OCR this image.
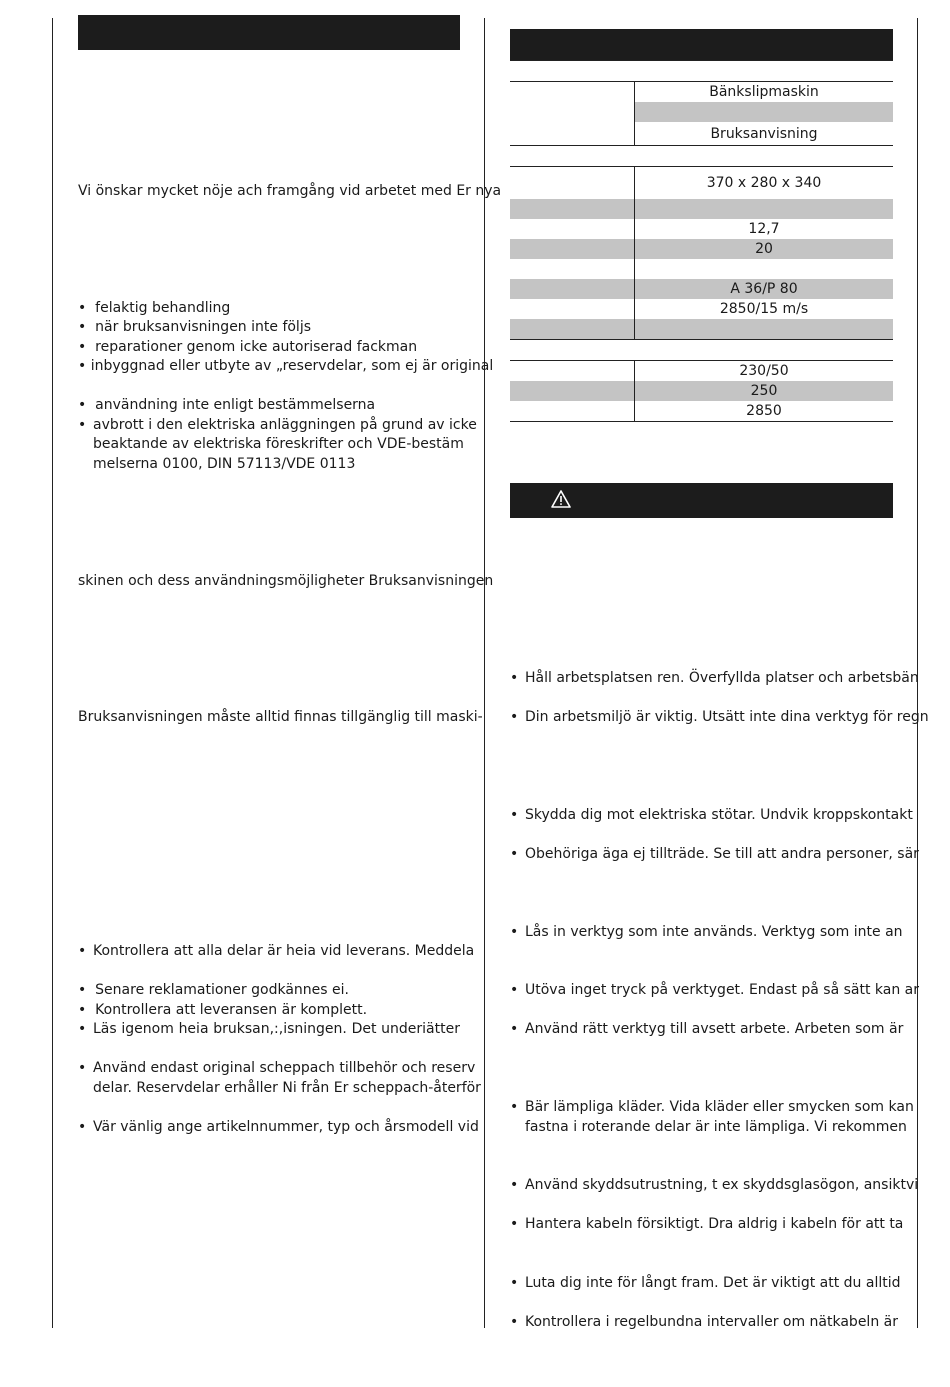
Vi önskar mycket nöje ach framgång vid arbetet med Er nya
•  felaktig behandling
•  när bruksanvisningen inte följs
•  reparationer genom icke autoriserad fackman
• inbyggnad eller utbyte av „reservdelar, som ej är original
•  användning inte enligt bestämmelserna
• avbrott i den elektriska anläggningen på grund av icke
beaktande av elektriska föreskrifter och VDE-bestäm
melserna 0100, DIN 57113/VDE 0113
skinen och dess användningsmöjligheter Bruksanvisningen
Bruksanvisningen måste alltid finnas tillgänglig till maski-
• Kontrollera att alla delar är heia vid leverans. Meddela
•  Senare reklamationer godkännes ei.
•  Kontrollera att leveransen är komplett.
• Läs igenom heia bruksan,:,isningen. Det underiätter
• Använd endast original scheppach tillbehör och reserv
delar. Reservdelar erhåller Ni från Er scheppach-återför
• Vär vänlig ange artikelnnummer, typ och årsmodell vid

	Bänkslipmaskin

	Bruksanvisning

	370 x 280 x 340

	12,7
	20

	A 36/P 80
	2850/15 m/s

	230/50
	250
	2850
• Håll arbetsplatsen ren. Överfyllda platser och arbetsbän
• Din arbetsmiljö är viktig. Utsätt inte dina verktyg för regn
• Skydda dig mot elektriska stötar. Undvik kroppskontakt
• Obehöriga äga ej tillträde. Se till att andra personer, sär
• Lås in verktyg som inte används. Verktyg som inte an
• Utöva inget tryck på verktyget. Endast på så sätt kan ar
• Använd rätt verktyg till avsett arbete. Arbeten som är
• Bär lämpliga kläder. Vida kläder eller smycken som kan
fastna i roterande delar är inte lämpliga. Vi rekommen
• Använd skyddsutrustning, t ex skyddsglasögon, ansiktvi
• Hantera kabeln försiktigt. Dra aldrig i kabeln för att ta
• Luta dig inte för långt fram. Det är viktigt att du alltid
• Kontrollera i regelbundna intervaller om nätkabeln är
